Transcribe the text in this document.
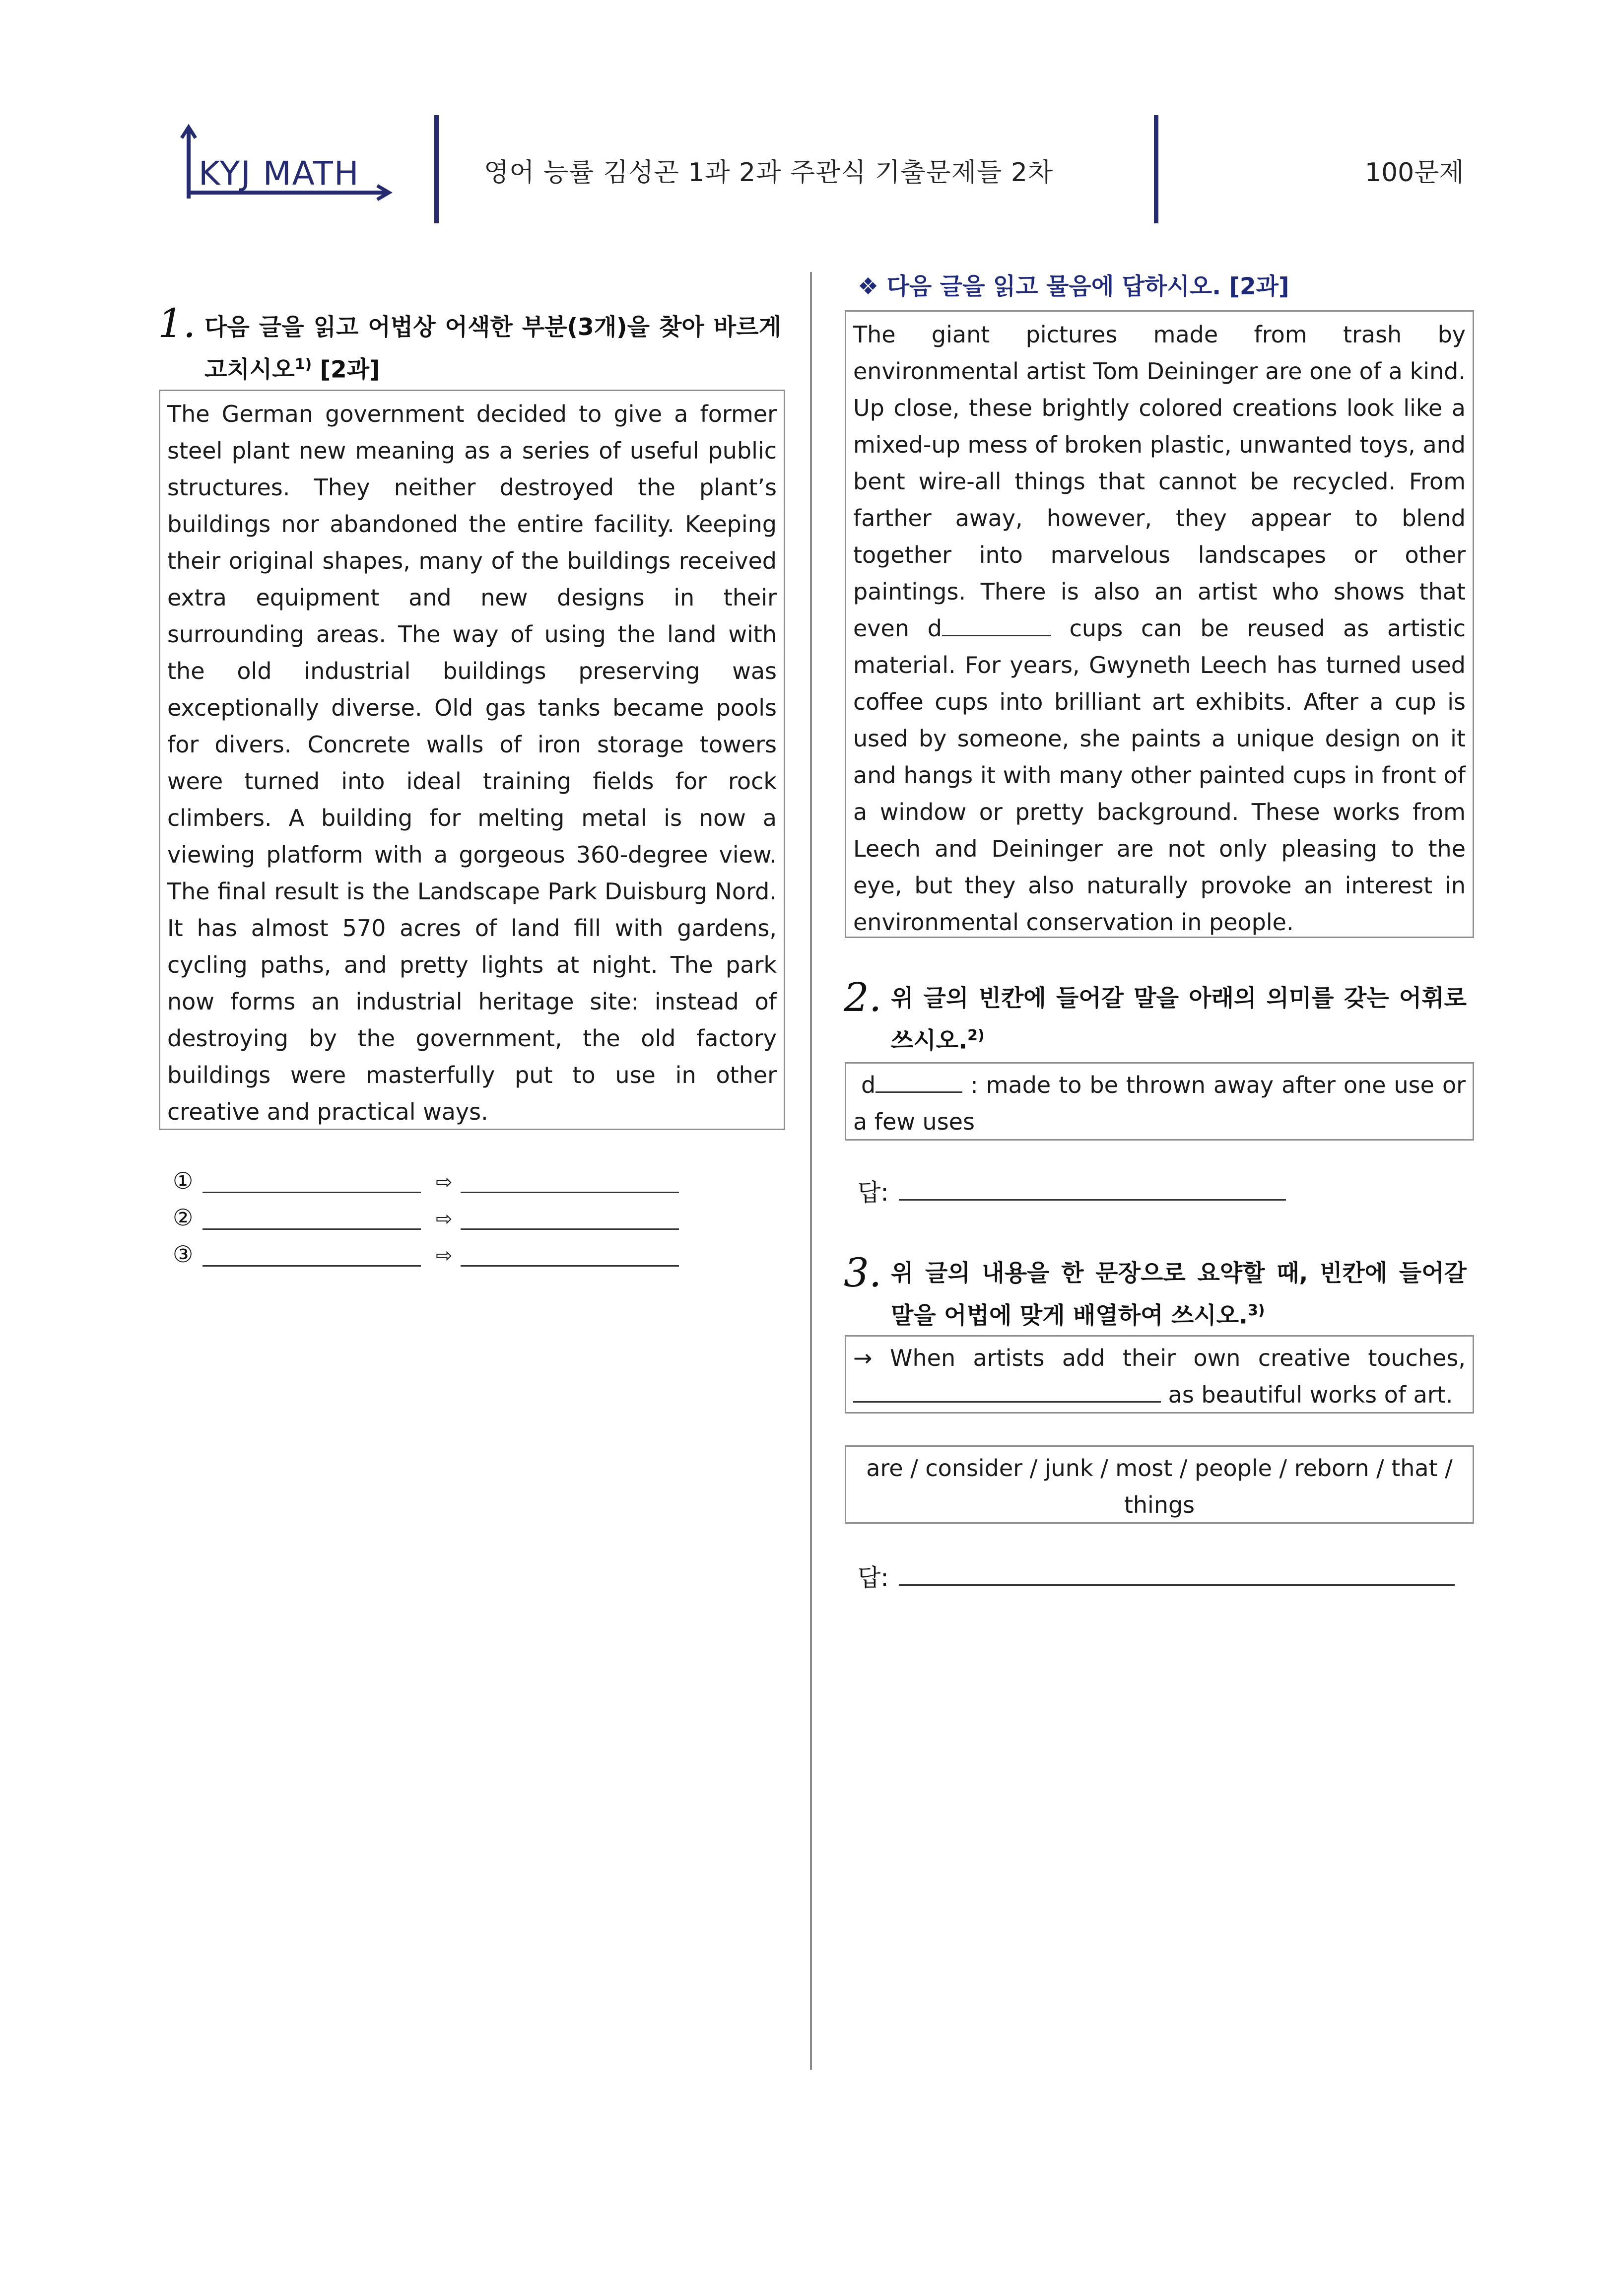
KYJ MATH	영어 능률 김성곤 1과 2과 주관식 기출문제들 2차	100문제
1. 다음 글을 읽고 어법상 어색한 부분(3개)을 찾아 바르게 고치시오$^{1)}$ [2과]

The German government decided to give a former steel plant new meaning as a series of useful public structures. They neither destroyed the plant’s buildings nor abandoned the entire facility. Keeping their original shapes, many of the buildings received extra equipment and new designs in their surrounding areas. The way of using the land with the old industrial buildings preserving was exceptionally diverse. Old gas tanks became pools for divers. Concrete walls of iron storage towers were turned into ideal training fields for rock climbers. A building for melting metal is now a viewing platform with a gorgeous 360-degree view. The final result is the Landscape Park Duisburg Nord. It has almost 570 acres of land fill with gardens, cycling paths, and pretty lights at night. The park now forms an industrial heritage site: instead of destroying by the government, the old factory buildings were masterfully put to use in other creative and practical ways.

①	⇨
②	⇨
③	⇨
❖ 다음 글을 읽고 물음에 답하시오. [2과]

The giant pictures made from trash by environmental artist Tom Deininger are one of a kind. Up close, these brightly colored creations look like a mixed-up mess of broken plastic, unwanted toys, and bent wire-all things that cannot be recycled. From farther away, however, they appear to blend together into marvelous landscapes or other paintings. There is also an artist who shows that even d	cups can be reused as artistic material. For years, Gwyneth Leech has turned used coffee cups into brilliant art exhibits. After a cup is used by someone, she paints a unique design on it and hangs it with many other painted cups in front of a window or pretty background. These works from Leech and Deininger are not only pleasing to the eye, but they also naturally provoke an interest in environmental conservation in people.

2. 위 글의 빈칸에 들어갈 말을 아래의 의미를 갖는 어휘로 쓰시오.$^{2)}$

d	: made to be thrown away after one use or a few uses

답:
3. 위 글의 내용을 한 문장으로 요약할 때, 빈칸에 들어갈 말을 어법에 맞게 배열하여 쓰시오.$^{3)}$

→ When artists add their own creative touches,

as beautiful works of art.

are / consider / junk / most / people / reborn / that / things

답:
